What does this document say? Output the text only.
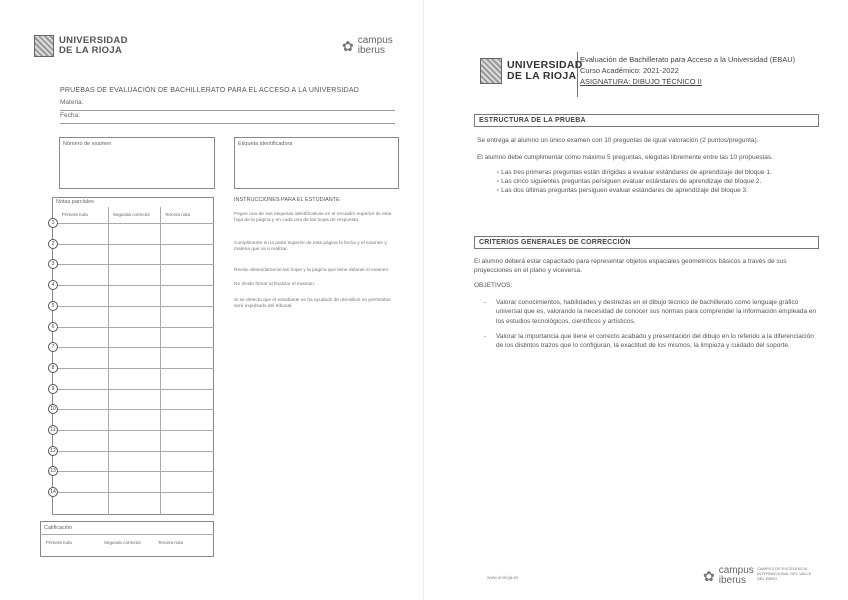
UNIVERSIDAD
DE LA RIOJA	✿ campus
iberus
PRUEBAS DE EVALUACIÓN DE BACHILLERATO PARA EL ACCESO A LA UNIVERSIDAD
Materia:
Fecha:
Número de examen	Etiqueta identificadora
Notas parciales
Primera nota	Segunda corrector	Tercera nota
1
2
3
4
5
6
7
8
9
10
11
12
13
14
Calificación
Primera nota	Segundo corrector	Tercera nota
INSTRUCCIONES PARA EL ESTUDIANTE
Pegue una de sus etiquetas identificativas en el recuadro superior de esta hoja de la página y en cada una de las hojas de respuesta.
Cumplimente en la parte superior de esta página la fecha y el examen y materia que va a realizar.
Revise detenidamente las hojas y la página que tiene delante el examen.
No olvide firmar al finalizar el examen.
Si se detecta que el estudiante se ha ayudado de utensilios no permitidos será expulsado del tribunal.
UNIVERSIDAD
DE LA RIOJA
Evaluación de Bachillerato para Acceso a la Universidad (EBAU)
Curso Académico: 2021-2022
ASIGNATURA: DIBUJO TÉCNICO II
ESTRUCTURA DE LA PRUEBA
Se entrega al alumno un único examen con 10 preguntas de igual valoración (2 puntos/pregunta).
El alumno debe cumplimentar como máximo 5 preguntas, elegidas libremente entre las 10 propuestas.
▫ Las tres primeras preguntas están dirigidas a evaluar estándares de aprendizaje del bloque 1.
▫ Las cinco siguientes preguntas persiguen evaluar estándares de aprendizaje del bloque 2.
▫ Las dos últimas preguntas persiguen evaluar estándares de aprendizaje del bloque 3.
CRITERIOS GENERALES DE CORRECCIÓN
El alumno deberá estar capacitado para representar objetos espaciales geométricos básicos a través de sus proyecciones en el plano y viceversa.
OBJETIVOS:
- Valorar conocimientos, habilidades y destrezas en el dibujo técnico de bachillerato como lenguaje gráfico universal que es, valorando la necesidad de conocer sus normas para comprender la información empleada en los estudios tecnológicos, científicos y artísticos.
- Valorar la importancia que tiene el correcto acabado y presentación del dibujo en lo referido a la diferenciación de los distintos trazos que lo configuran, la exactitud de los mismos, la limpieza y cuidado del soporte.
www.unirioja.es	✿ campus
iberus
CAMPUS DE EXCELENCIA INTERNACIONAL DEL VALLE DEL EBRO
